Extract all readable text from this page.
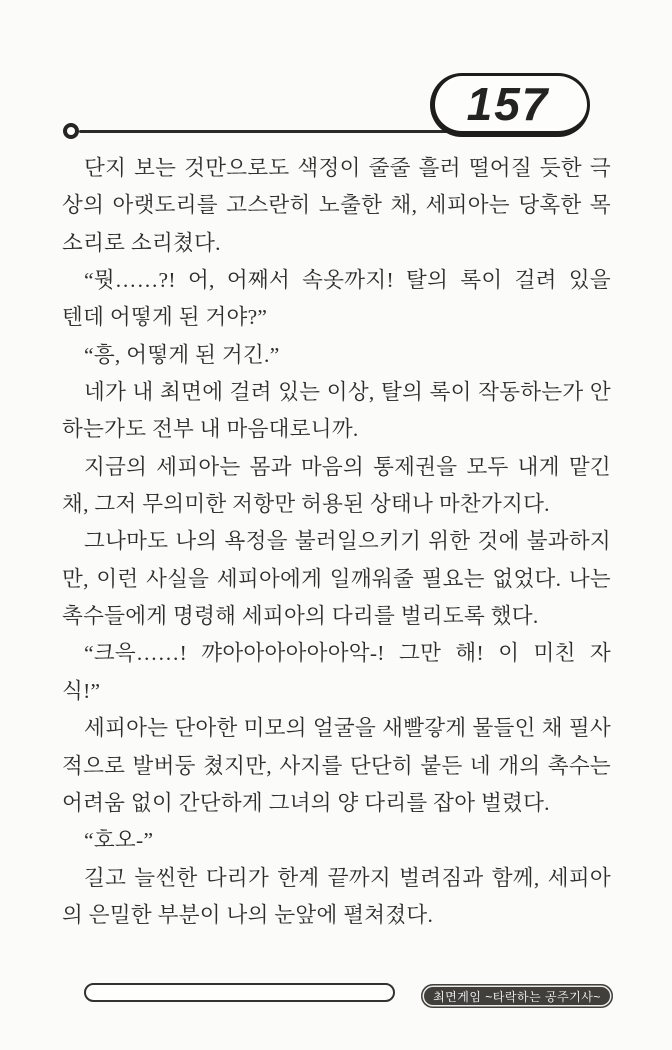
157
단지 보는 것만으로도 색정이 줄줄 흘러 떨어질 듯한 극
상의 아랫도리를 고스란히 노출한 채, 세피아는 당혹한 목
소리로 소리쳤다.
“뭣……?! 어, 어째서 속옷까지! 탈의 록이 걸려 있을
텐데 어떻게 된 거야?”
“흥, 어떻게 된 거긴.”
네가 내 최면에 걸려 있는 이상, 탈의 록이 작동하는가 안
하는가도 전부 내 마음대로니까.
지금의 세피아는 몸과 마음의 통제권을 모두 내게 맡긴
채, 그저 무의미한 저항만 허용된 상태나 마찬가지다.
그나마도 나의 욕정을 불러일으키기 위한 것에 불과하지
만, 이런 사실을 세피아에게 일깨워줄 필요는 없었다. 나는
촉수들에게 명령해 세피아의 다리를 벌리도록 했다.
“크윽……! 꺄아아아아아아악-! 그만 해! 이 미친 자
식!”
세피아는 단아한 미모의 얼굴을 새빨갛게 물들인 채 필사
적으로 발버둥 쳤지만, 사지를 단단히 붙든 네 개의 촉수는
어려움 없이 간단하게 그녀의 양 다리를 잡아 벌렸다.
“호오-”
길고 늘씬한 다리가 한계 끝까지 벌려짐과 함께, 세피아
의 은밀한 부분이 나의 눈앞에 펼쳐졌다.
최면게임 ~타락하는 공주기사~
